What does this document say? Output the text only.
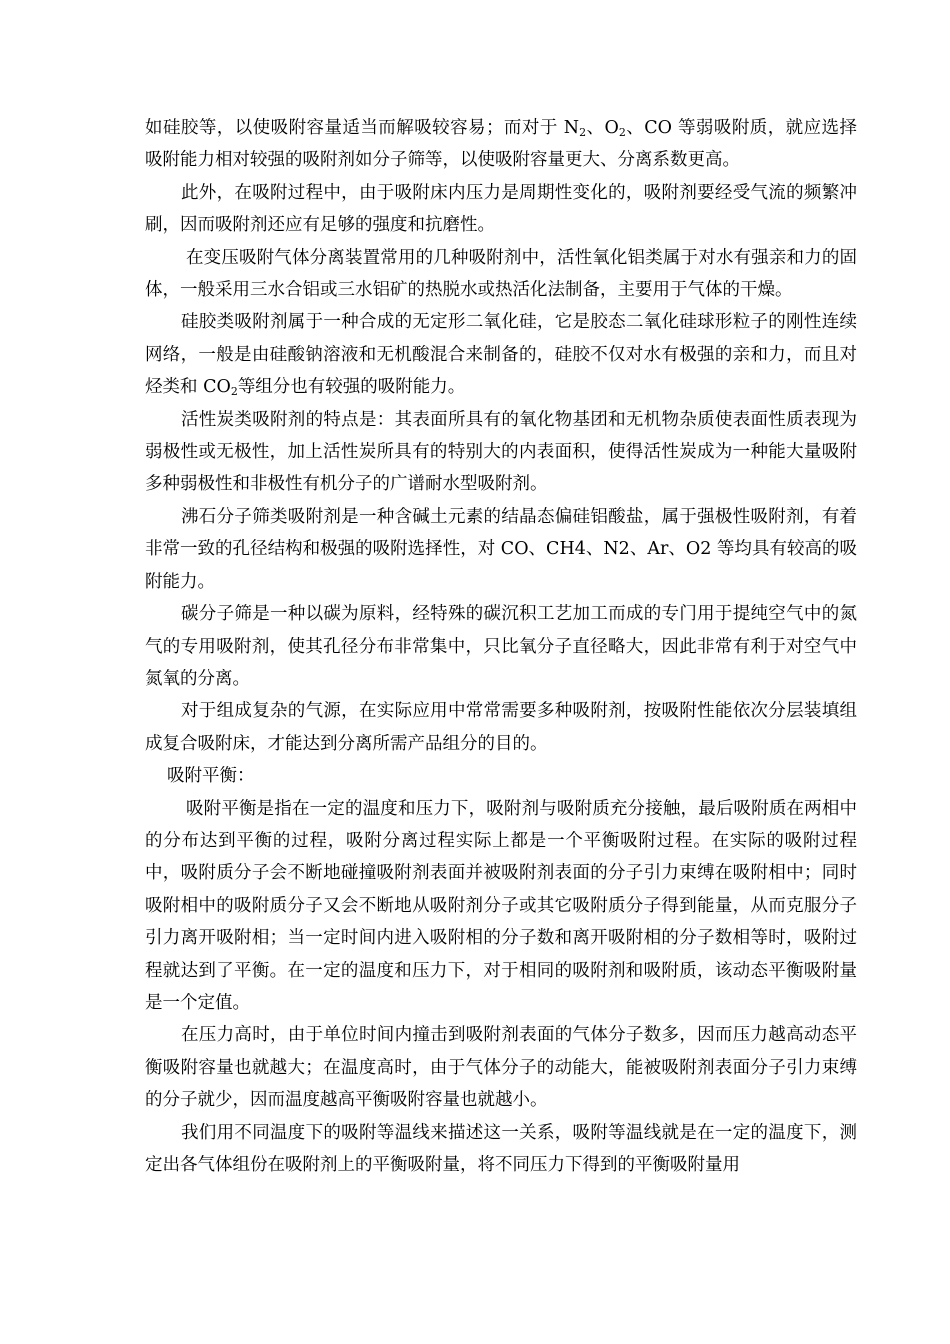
如硅胶等，以使吸附容量适当而解吸较容易；而对于 $N_2$、$O_2$、CO 等弱吸附质，就应选择吸附能力相对较强的吸附剂如分子筛等，以使吸附容量更大、分离系数更高。

此外，在吸附过程中，由于吸附床内压力是周期性变化的，吸附剂要经受气流的频繁冲刷，因而吸附剂还应有足够的强度和抗磨性。

在变压吸附气体分离装置常用的几种吸附剂中，活性氧化铝类属于对水有强亲和力的固体，一般采用三水合铝或三水铝矿的热脱水或热活化法制备，主要用于气体的干燥。

硅胶类吸附剂属于一种合成的无定形二氧化硅，它是胶态二氧化硅球形粒子的刚性连续网络，一般是由硅酸钠溶液和无机酸混合来制备的，硅胶不仅对水有极强的亲和力，而且对烃类和 $CO_2$等组分也有较强的吸附能力。

活性炭类吸附剂的特点是：其表面所具有的氧化物基团和无机物杂质使表面性质表现为弱极性或无极性，加上活性炭所具有的特别大的内表面积，使得活性炭成为一种能大量吸附多种弱极性和非极性有机分子的广谱耐水型吸附剂。

沸石分子筛类吸附剂是一种含碱土元素的结晶态偏硅铝酸盐，属于强极性吸附剂，有着非常一致的孔径结构和极强的吸附选择性，对 CO、CH4、N2、Ar、O2 等均具有较高的吸附能力。

碳分子筛是一种以碳为原料，经特殊的碳沉积工艺加工而成的专门用于提纯空气中的氮气的专用吸附剂，使其孔径分布非常集中，只比氧分子直径略大，因此非常有利于对空气中氮氧的分离。

对于组成复杂的气源，在实际应用中常常需要多种吸附剂，按吸附性能依次分层装填组成复合吸附床，才能达到分离所需产品组分的目的。

吸附平衡：

吸附平衡是指在一定的温度和压力下，吸附剂与吸附质充分接触，最后吸附质在两相中的分布达到平衡的过程，吸附分离过程实际上都是一个平衡吸附过程。在实际的吸附过程中，吸附质分子会不断地碰撞吸附剂表面并被吸附剂表面的分子引力束缚在吸附相中；同时吸附相中的吸附质分子又会不断地从吸附剂分子或其它吸附质分子得到能量，从而克服分子引力离开吸附相；当一定时间内进入吸附相的分子数和离开吸附相的分子数相等时，吸附过程就达到了平衡。在一定的温度和压力下，对于相同的吸附剂和吸附质，该动态平衡吸附量是一个定值。

在压力高时，由于单位时间内撞击到吸附剂表面的气体分子数多，因而压力越高动态平衡吸附容量也就越大；在温度高时，由于气体分子的动能大，能被吸附剂表面分子引力束缚的分子就少，因而温度越高平衡吸附容量也就越小。

我们用不同温度下的吸附等温线来描述这一关系，吸附等温线就是在一定的温度下，测定出各气体组份在吸附剂上的平衡吸附量，将不同压力下得到的平衡吸附量用
